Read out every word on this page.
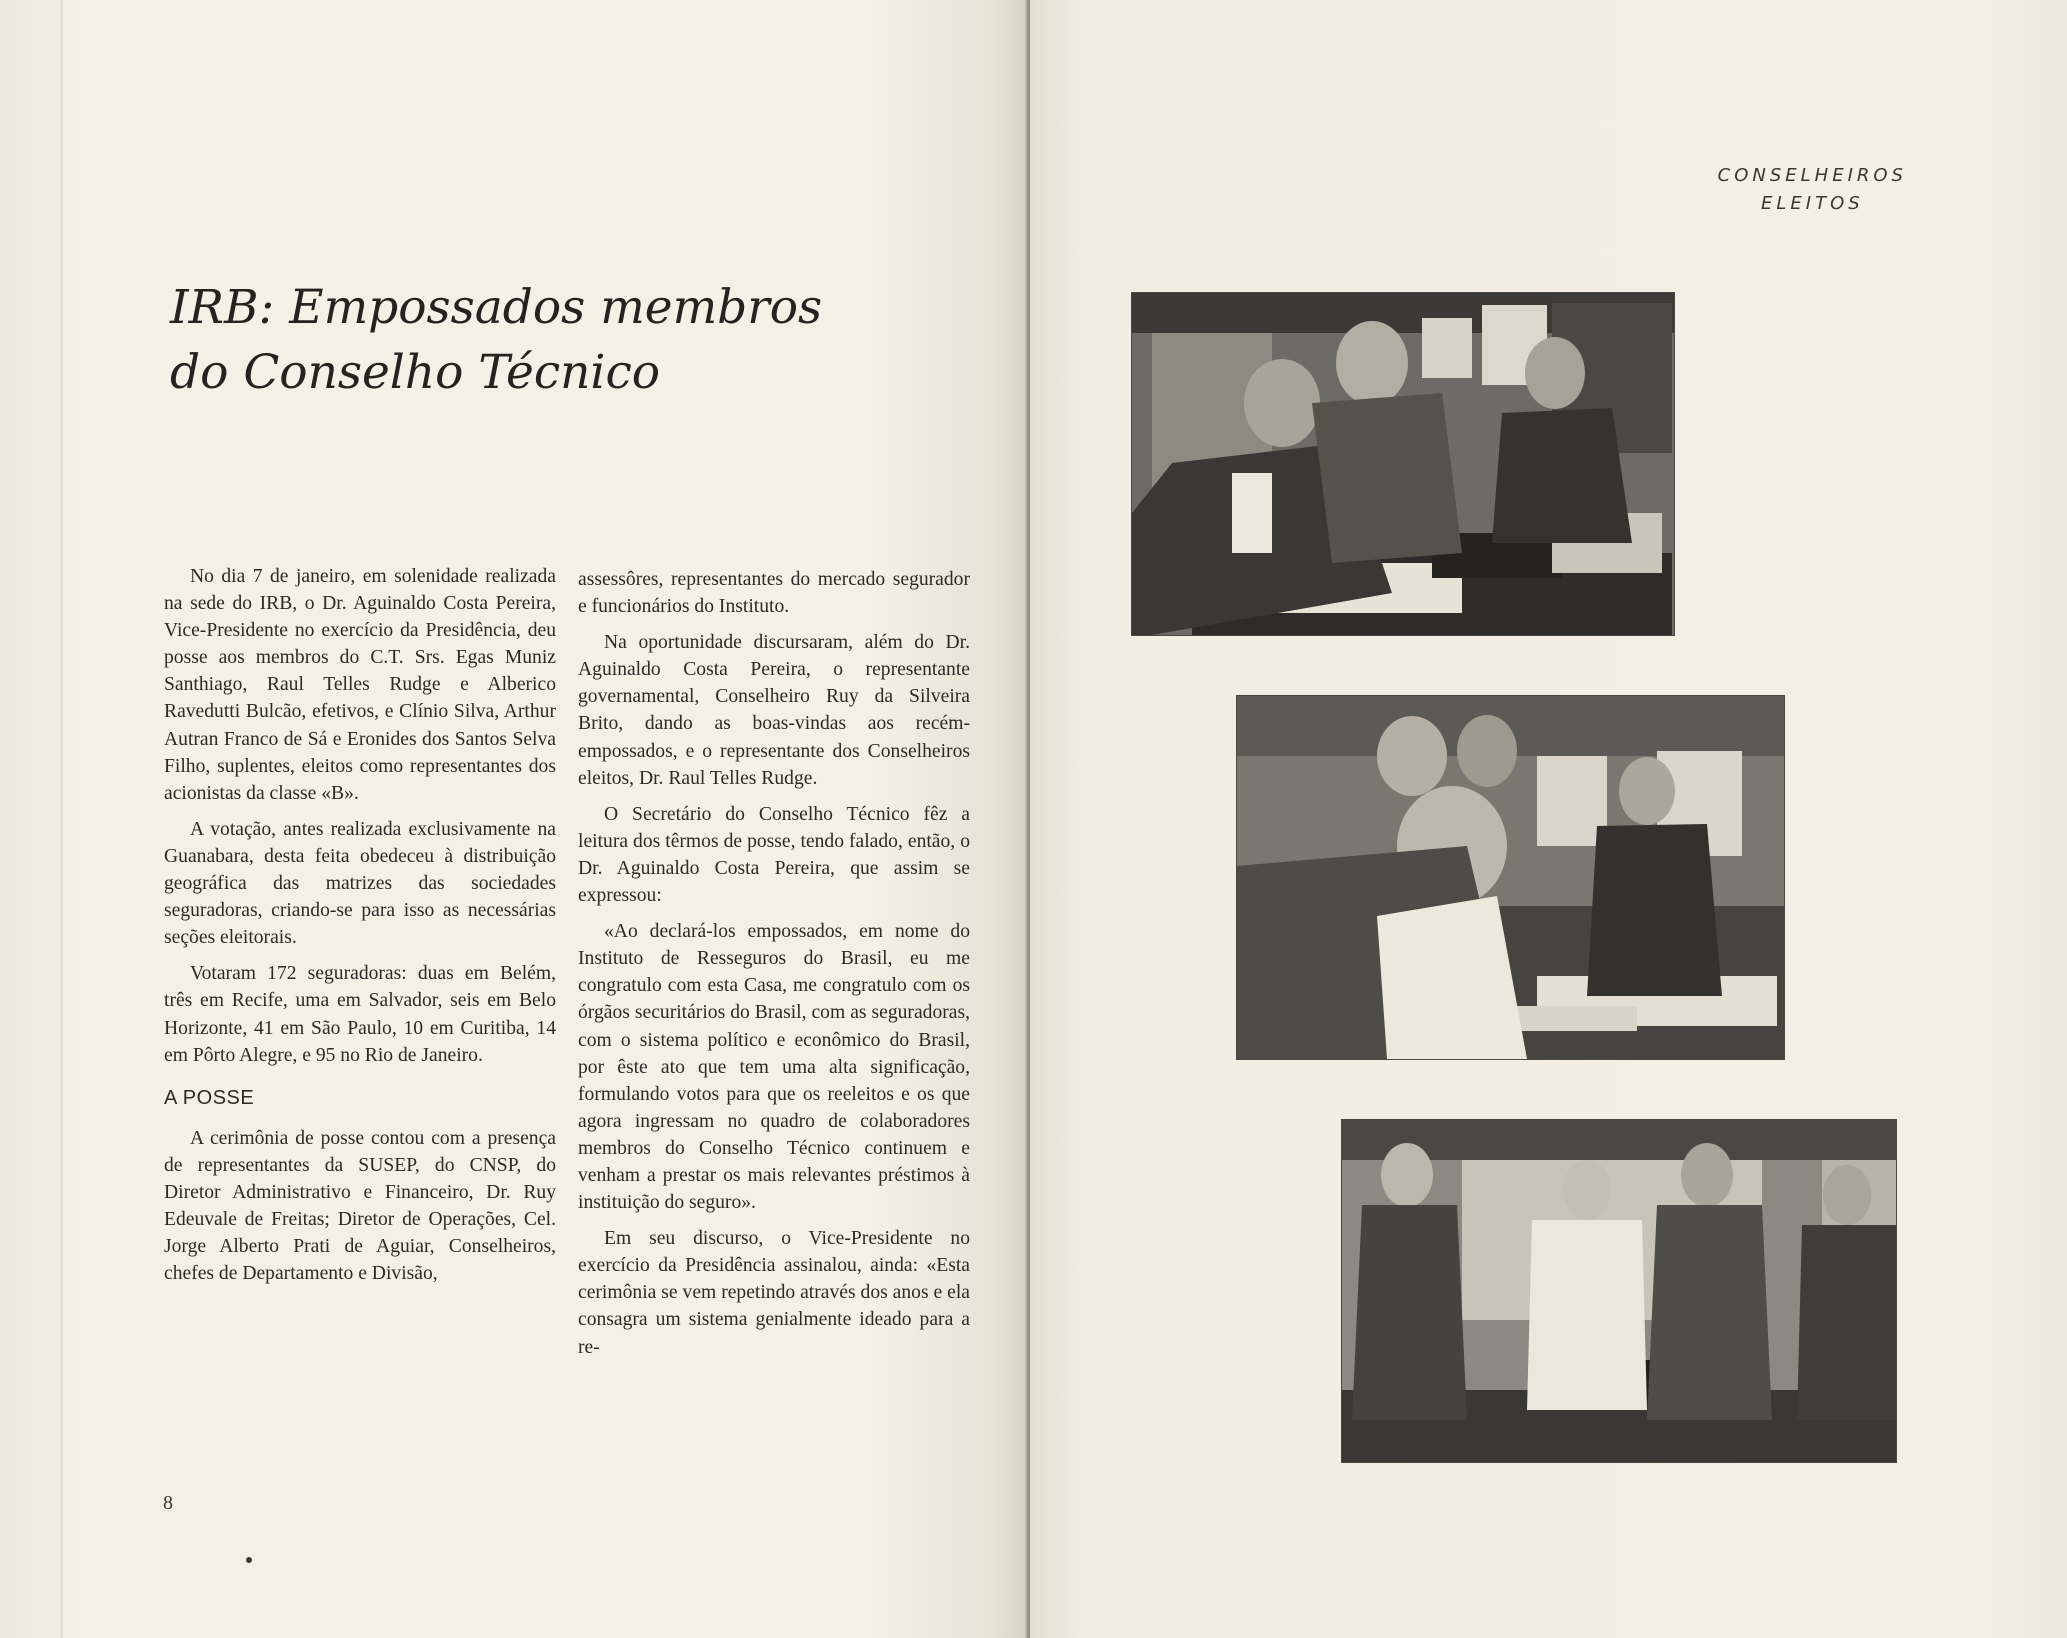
IRB: Empossados membros
do Conselho Técnico

No dia 7 de janeiro, em solenidade realizada na sede do IRB, o Dr. Aguinaldo Costa Pereira, Vice-Presidente no exercício da Presidência, deu posse aos membros do C.T. Srs. Egas Muniz Santhiago, Raul Telles Rudge e Alberico Ravedutti Bulcão, efetivos, e Clínio Silva, Arthur Autran Franco de Sá e Eronides dos Santos Selva Filho, suplentes, eleitos como representantes dos acionistas da classe «B».

A votação, antes realizada exclusivamente na Guanabara, desta feita obedeceu à distribuição geográfica das matrizes das sociedades seguradoras, criando-se para isso as necessárias seções eleitorais.

Votaram 172 seguradoras: duas em Belém, três em Recife, uma em Salvador, seis em Belo Horizonte, 41 em São Paulo, 10 em Curitiba, 14 em Pôrto Alegre, e 95 no Rio de Janeiro.

A POSSE

A cerimônia de posse contou com a presença de representantes da SUSEP, do CNSP, do Diretor Administrativo e Financeiro, Dr. Ruy Edeuvale de Freitas; Diretor de Operações, Cel. Jorge Alberto Prati de Aguiar, Conselheiros, chefes de Departamento e Divisão,

assessôres, representantes do mercado segurador e funcionários do Instituto.

Na oportunidade discursaram, além do Dr. Aguinaldo Costa Pereira, o representante governamental, Conselheiro Ruy da Silveira Brito, dando as boas-vindas aos recém-empossados, e o representante dos Conselheiros eleitos, Dr. Raul Telles Rudge.

O Secretário do Conselho Técnico fêz a leitura dos têrmos de posse, tendo falado, então, o Dr. Aguinaldo Costa Pereira, que assim se expressou:

«Ao declará-los empossados, em nome do Instituto de Resseguros do Brasil, eu me congratulo com esta Casa, me congratulo com os órgãos securitários do Brasil, com as seguradoras, com o sistema político e econômico do Brasil, por êste ato que tem uma alta significação, formulando votos para que os reeleitos e os que agora ingressam no quadro de colaboradores membros do Conselho Técnico continuem e venham a prestar os mais relevantes préstimos à instituição do seguro».

Em seu discurso, o Vice-Presidente no exercício da Presidência assinalou, ainda: «Esta cerimônia se vem repetindo através dos anos e ela consagra um sistema genialmente ideado para a re-

8
CONSELHEIROS
ELEITOS
